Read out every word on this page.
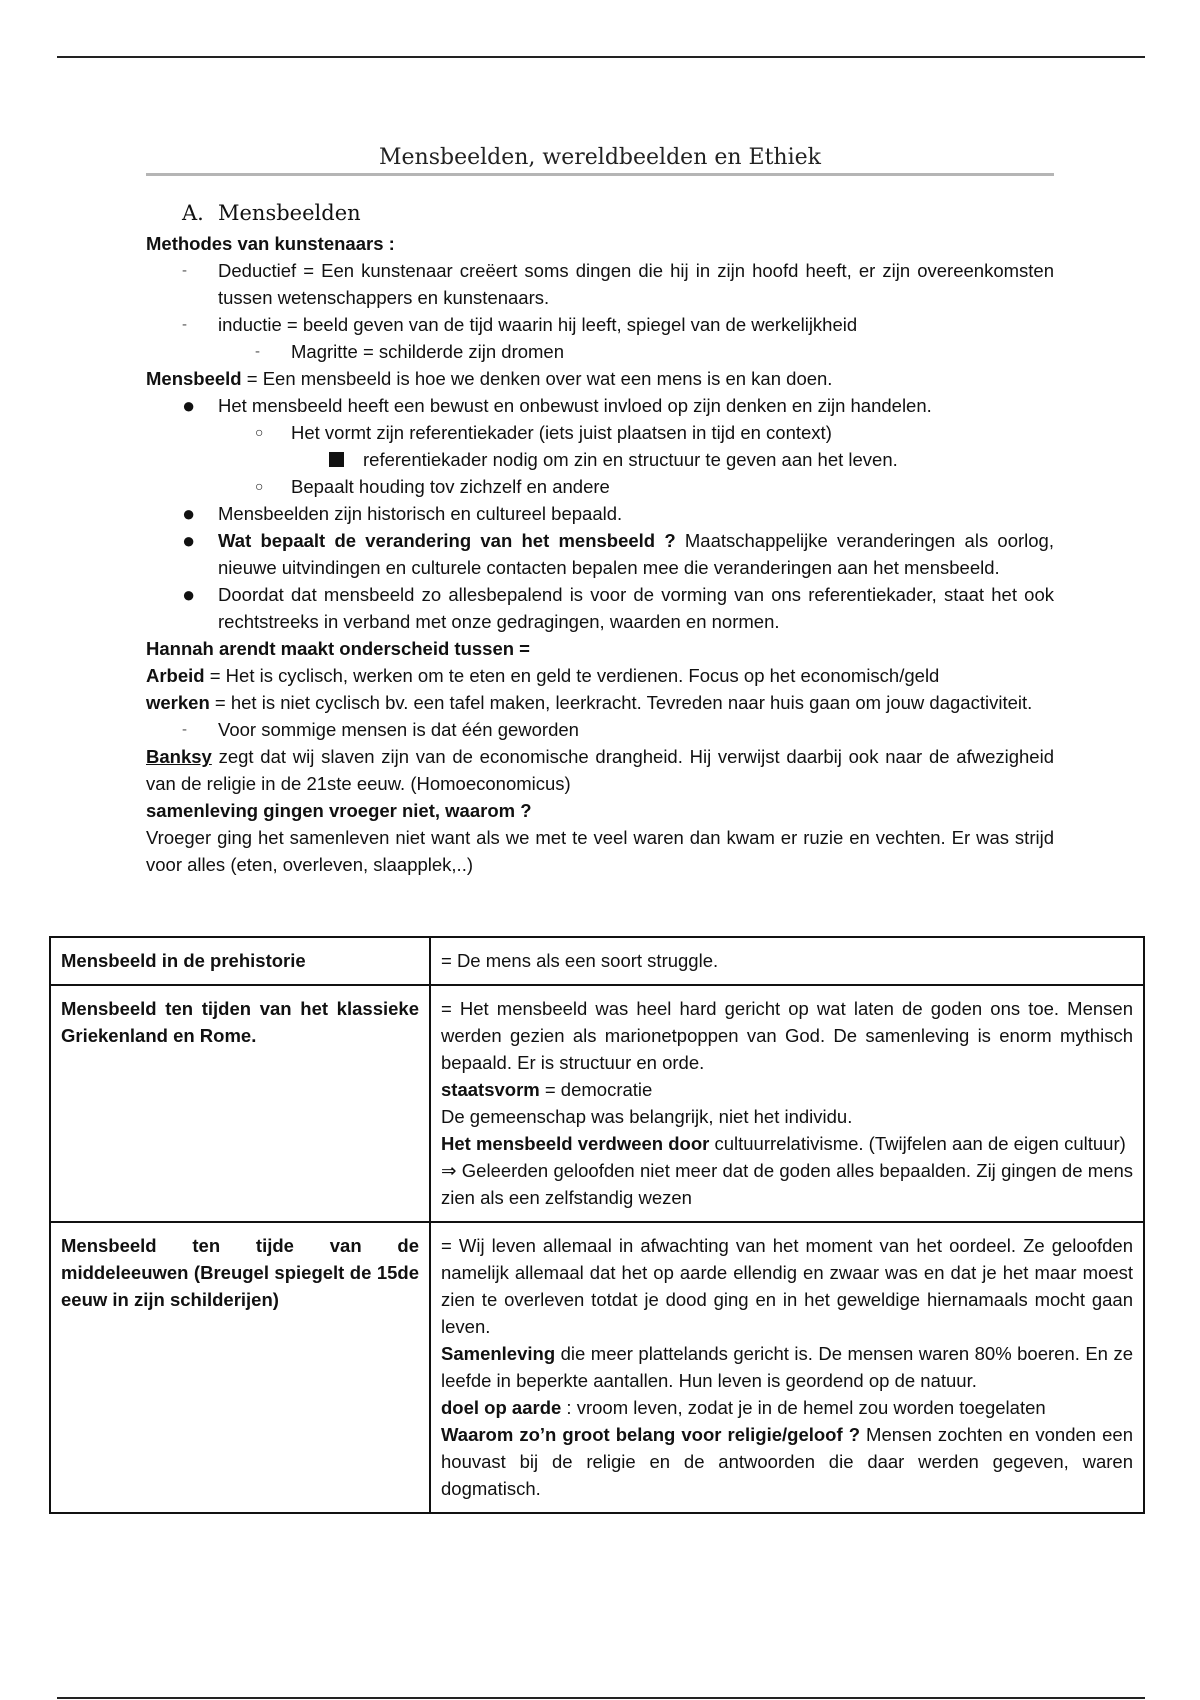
Mensbeelden, wereldbeelden en Ethiek
A. Mensbeelden

Methodes van kunstenaars :

- Deductief = Een kunstenaar creëert soms dingen die hij in zijn hoofd heeft, er zijn overeenkomsten tussen wetenschappers en kunstenaars.
- inductie = beeld geven van de tijd waarin hij leeft, spiegel van de werkelijkheid
- Magritte = schilderde zijn dromen

Mensbeeld = Een mensbeeld is hoe we denken over wat een mens is en kan doen.

● Het mensbeeld heeft een bewust en onbewust invloed op zijn denken en zijn handelen.
○ Het vormt zijn referentiekader (iets juist plaatsen in tijd en context)
referentiekader nodig om zin en structuur te geven aan het leven.
○ Bepaalt houding tov zichzelf en andere
● Mensbeelden zijn historisch en cultureel bepaald.
● Wat bepaalt de verandering van het mensbeeld ? Maatschappelijke veranderingen als oorlog, nieuwe uitvindingen en culturele contacten bepalen mee die veranderingen aan het mensbeeld.
● Doordat dat mensbeeld zo allesbepalend is voor de vorming van ons referentiekader, staat het ook rechtstreeks in verband met onze gedragingen, waarden en normen.

Hannah arendt maakt onderscheid tussen =

Arbeid = Het is cyclisch, werken om te eten en geld te verdienen. Focus op het economisch/geld

werken = het is niet cyclisch bv. een tafel maken, leerkracht. Tevreden naar huis gaan om jouw dagactiviteit.

- Voor sommige mensen is dat één geworden

Banksy zegt dat wij slaven zijn van de economische drangheid. Hij verwijst daarbij ook naar de afwezigheid van de religie in de 21ste eeuw. (Homoeconomicus)

samenleving gingen vroeger niet, waarom ?

Vroeger ging het samenleven niet want als we met te veel waren dan kwam er ruzie en vechten. Er was strijd voor alles (eten, overleven, slaapplek,..)

Mensbeeld in de prehistorie	= De mens als een soort struggle.
Mensbeeld ten tijden van het klassieke Griekenland en Rome.	= Het mensbeeld was heel hard gericht op wat laten de goden ons toe. Mensen werden gezien als marionetpoppen van God. De samenleving is enorm mythisch bepaald. Er is structuur en orde.

staatsvorm = democratie

De gemeenschap was belangrijk, niet het individu.

Het mensbeeld verdween door cultuurrelativisme. (Twijfelen aan de eigen cultuur)

⇒ Geleerden geloofden niet meer dat de goden alles bepaalden. Zij gingen de mens zien als een zelfstandig wezen

Mensbeeld ten tijde van de middeleeuwen (Breugel spiegelt de 15de eeuw in zijn schilderijen)	= Wij leven allemaal in afwachting van het moment van het oordeel. Ze geloofden namelijk allemaal dat het op aarde ellendig en zwaar was en dat je het maar moest zien te overleven totdat je dood ging en in het geweldige hiernamaals mocht gaan leven.

Samenleving die meer plattelands gericht is. De mensen waren 80% boeren. En ze leefde in beperkte aantallen. Hun leven is geordend op de natuur.

doel op aarde : vroom leven, zodat je in de hemel zou worden toegelaten

Waarom zo’n groot belang voor religie/geloof ? Mensen zochten en vonden een houvast bij de religie en de antwoorden die daar werden gegeven, waren dogmatisch.
